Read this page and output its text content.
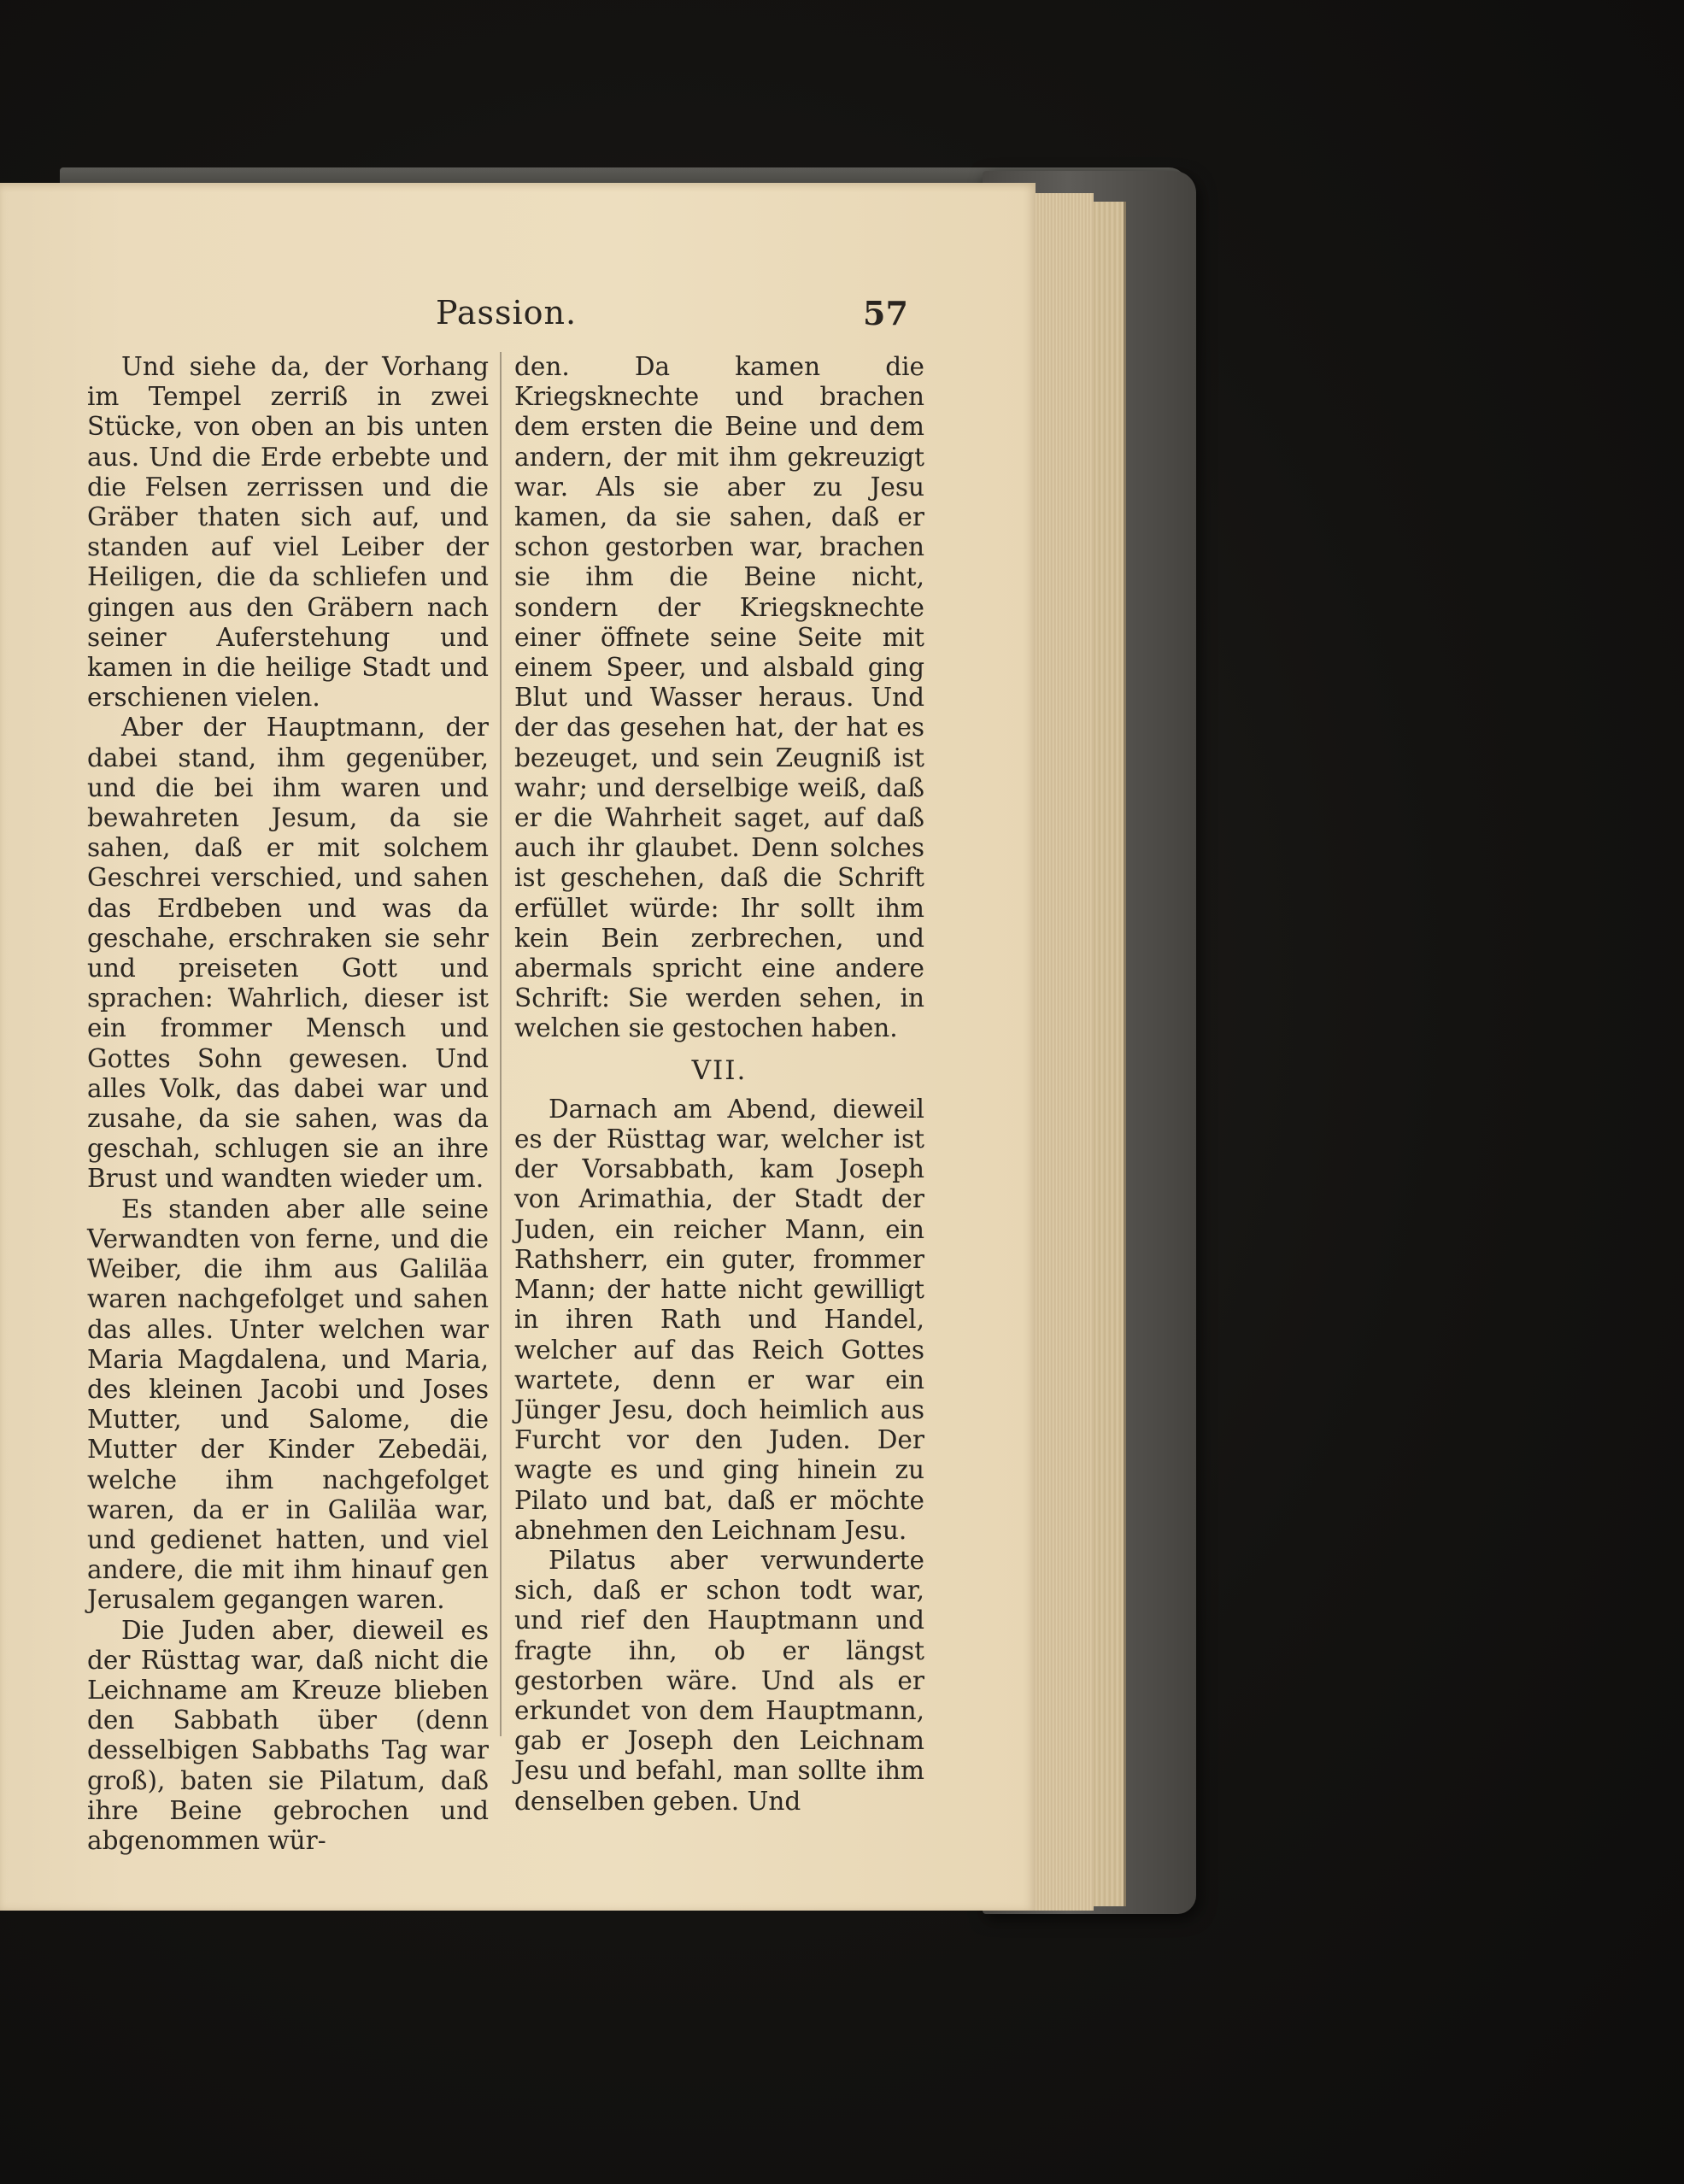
Passion.	57

Und siehe da, der Vorhang im Tempel zerriß in zwei Stücke, von oben an bis unten aus. Und die Erde erbebte und die Felsen zerrissen und die Gräber thaten sich auf, und standen auf viel Leiber der Heiligen, die da schliefen und gingen aus den Gräbern nach seiner Auferstehung und kamen in die heilige Stadt und erschienen vielen.

Aber der Hauptmann, der dabei stand, ihm gegenüber, und die bei ihm waren und bewahreten Jesum, da sie sahen, daß er mit solchem Geschrei verschied, und sahen das Erdbeben und was da geschahe, erschraken sie sehr und preiseten Gott und sprachen: Wahrlich, dieser ist ein frommer Mensch und Gottes Sohn gewesen. Und alles Volk, das dabei war und zusahe, da sie sahen, was da geschah, schlugen sie an ihre Brust und wandten wieder um.

Es standen aber alle seine Verwandten von ferne, und die Weiber, die ihm aus Galiläa waren nachgefolget und sahen das alles. Unter welchen war Maria Magdalena, und Maria, des kleinen Jacobi und Joses Mutter, und Salome, die Mutter der Kinder Zebedäi, welche ihm nachgefolget waren, da er in Galiläa war, und gedienet hatten, und viel andere, die mit ihm hinauf gen Jerusalem gegangen waren.

Die Juden aber, dieweil es der Rüsttag war, daß nicht die Leichname am Kreuze blieben den Sabbath über (denn desselbigen Sabbaths Tag war groß), baten sie Pilatum, daß ihre Beine gebrochen und abgenommen wür-

den. Da kamen die Kriegsknechte und brachen dem ersten die Beine und dem andern, der mit ihm gekreuzigt war. Als sie aber zu Jesu kamen, da sie sahen, daß er schon gestorben war, brachen sie ihm die Beine nicht, sondern der Kriegsknechte einer öffnete seine Seite mit einem Speer, und alsbald ging Blut und Wasser heraus. Und der das gesehen hat, der hat es bezeuget, und sein Zeugniß ist wahr; und derselbige weiß, daß er die Wahrheit saget, auf daß auch ihr glaubet. Denn solches ist geschehen, daß die Schrift erfüllet würde: Ihr sollt ihm kein Bein zerbrechen, und abermals spricht eine andere Schrift: Sie werden sehen, in welchen sie gestochen haben.

VII.

Darnach am Abend, dieweil es der Rüsttag war, welcher ist der Vorsabbath, kam Joseph von Arimathia, der Stadt der Juden, ein reicher Mann, ein Rathsherr, ein guter, frommer Mann; der hatte nicht gewilligt in ihren Rath und Handel, welcher auf das Reich Gottes wartete, denn er war ein Jünger Jesu, doch heimlich aus Furcht vor den Juden. Der wagte es und ging hinein zu Pilato und bat, daß er möchte abnehmen den Leichnam Jesu.

Pilatus aber verwunderte sich, daß er schon todt war, und rief den Hauptmann und fragte ihn, ob er längst gestorben wäre. Und als er erkundet von dem Hauptmann, gab er Joseph den Leichnam Jesu und befahl, man sollte ihm denselben geben. Und
